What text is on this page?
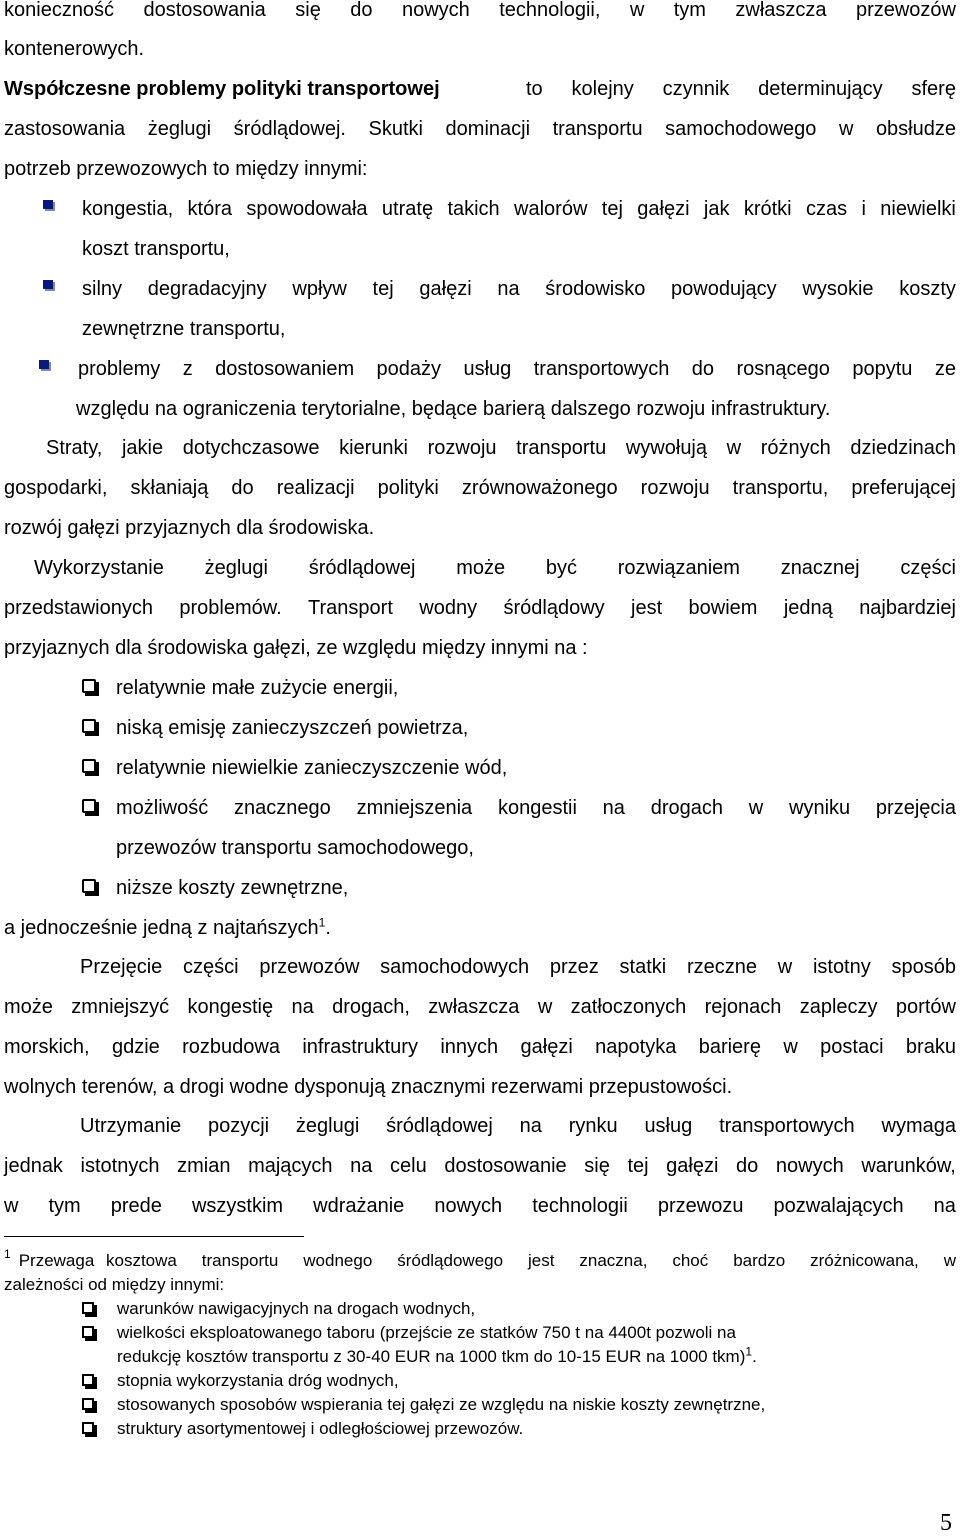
konieczność dostosowania się do nowych technologii, w tym zwłaszcza przewozów
kontenerowych.
Współczesne problemy polityki transportowej	to kolejny czynnik determinujący sferę
zastosowania żeglugi śródlądowej. Skutki dominacji transportu samochodowego w obsłudze
potrzeb przewozowych to między innymi:
kongestia, która spowodowała utratę takich walorów tej gałęzi jak krótki czas i niewielki
koszt transportu,
silny degradacyjny wpływ tej gałęzi na środowisko powodujący wysokie koszty
zewnętrzne transportu,
problemy z dostosowaniem podaży usług transportowych do rosnącego popytu ze
względu na ograniczenia terytorialne, będące barierą dalszego rozwoju infrastruktury.
Straty, jakie dotychczasowe kierunki rozwoju transportu wywołują w różnych dziedzinach
gospodarki, skłaniają do realizacji polityki zrównoważonego rozwoju transportu, preferującej
rozwój gałęzi przyjaznych dla środowiska.
Wykorzystanie żeglugi śródlądowej może być rozwiązaniem znacznej części
przedstawionych problemów. Transport wodny śródlądowy jest bowiem jedną najbardziej
przyjaznych dla środowiska gałęzi, ze względu między innymi na :
relatywnie małe zużycie energii,
niską emisję zanieczyszczeń powietrza,
relatywnie niewielkie zanieczyszczenie wód,
możliwość znacznego zmniejszenia kongestii na drogach w wyniku przejęcia
przewozów transportu samochodowego,
niższe koszty zewnętrzne,
a jednocześnie jedną z najtańszych$^1$.
Przejęcie części przewozów samochodowych przez statki rzeczne w istotny sposób
może zmniejszyć kongestię na drogach, zwłaszcza w zatłoczonych rejonach zapleczy portów
morskich, gdzie rozbudowa infrastruktury innych gałęzi napotyka barierę w postaci braku
wolnych terenów, a drogi wodne dysponują znacznymi rezerwami przepustowości.
Utrzymanie pozycji żeglugi śródlądowej na rynku usług transportowych wymaga
jednak istotnych zmian mających na celu dostosowanie się tej gałęzi do nowych warunków,
w tym prede wszystkim wdrażanie nowych technologii przewozu pozwalających na
1 Przewaga kosztowa transportu wodnego śródlądowego jest znaczna, choć bardzo zróżnicowana, w
zależności od między innymi:
warunków nawigacyjnych na drogach wodnych,
wielkości eksploatowanego taboru (przejście ze statków 750 t na 4400t pozwoli na
redukcję kosztów transportu z 30-40 EUR na 1000 tkm do 10-15 EUR na 1000 tkm)$^1$.
stopnia wykorzystania dróg wodnych,
stosowanych sposobów wspierania tej gałęzi ze względu na niskie koszty zewnętrzne,
struktury asortymentowej i odległościowej przewozów.
5
